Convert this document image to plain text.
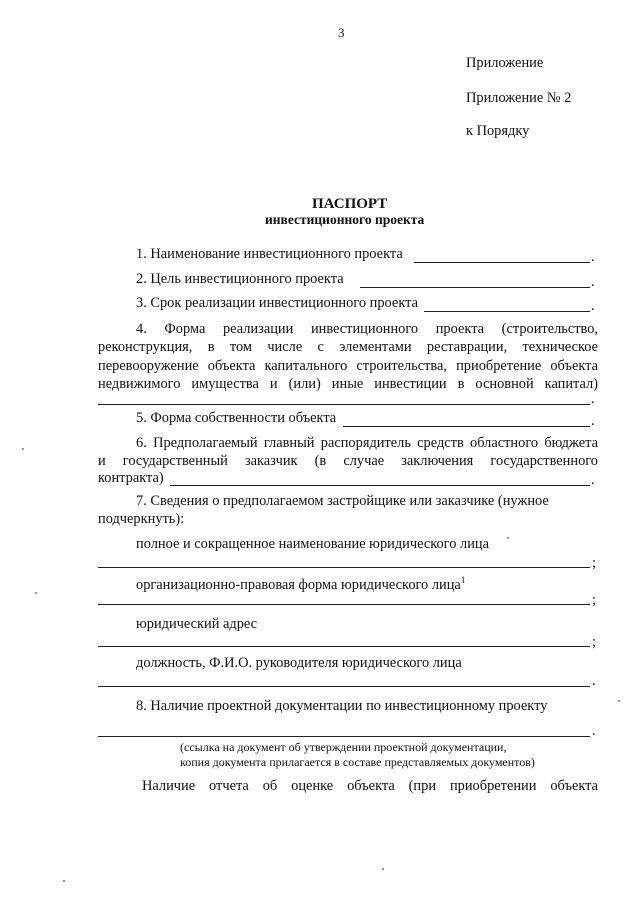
3
Приложение
Приложение № 2
к Порядку
ПАСПОРТ
инвестиционного проекта
1. Наименование инвестиционного проекта	.
2. Цель инвестиционного проекта	.
3. Срок реализации инвестиционного проекта	.
4. Форма реализации инвестиционного проекта (строительство,
реконструкция, в том числе с элементами реставрации, техническое
перевооружение объекта капитального строительства, приобретение объекта
недвижимого имущества и (или) иные инвестиции в основной капитал)
.
5. Форма собственности объекта	.
6. Предполагаемый главный распорядитель средств областного бюджета
и государственный заказчик (в случае заключения государственного
контракта)	.
7. Сведения о предполагаемом застройщике или заказчике (нужное
подчеркнуть):
полное и сокращенное наименование юридического лица
;
организационно-правовая форма юридического лица$^1$
;
юридический адрес
;
должность, Ф.И.О. руководителя юридического лица
.
8. Наличие проектной документации по инвестиционному проекту
.
(ссылка на документ об утверждении проектной документации,
копия документа прилагается в составе представляемых документов)
Наличие отчета об оценке объекта (при приобретении объекта
